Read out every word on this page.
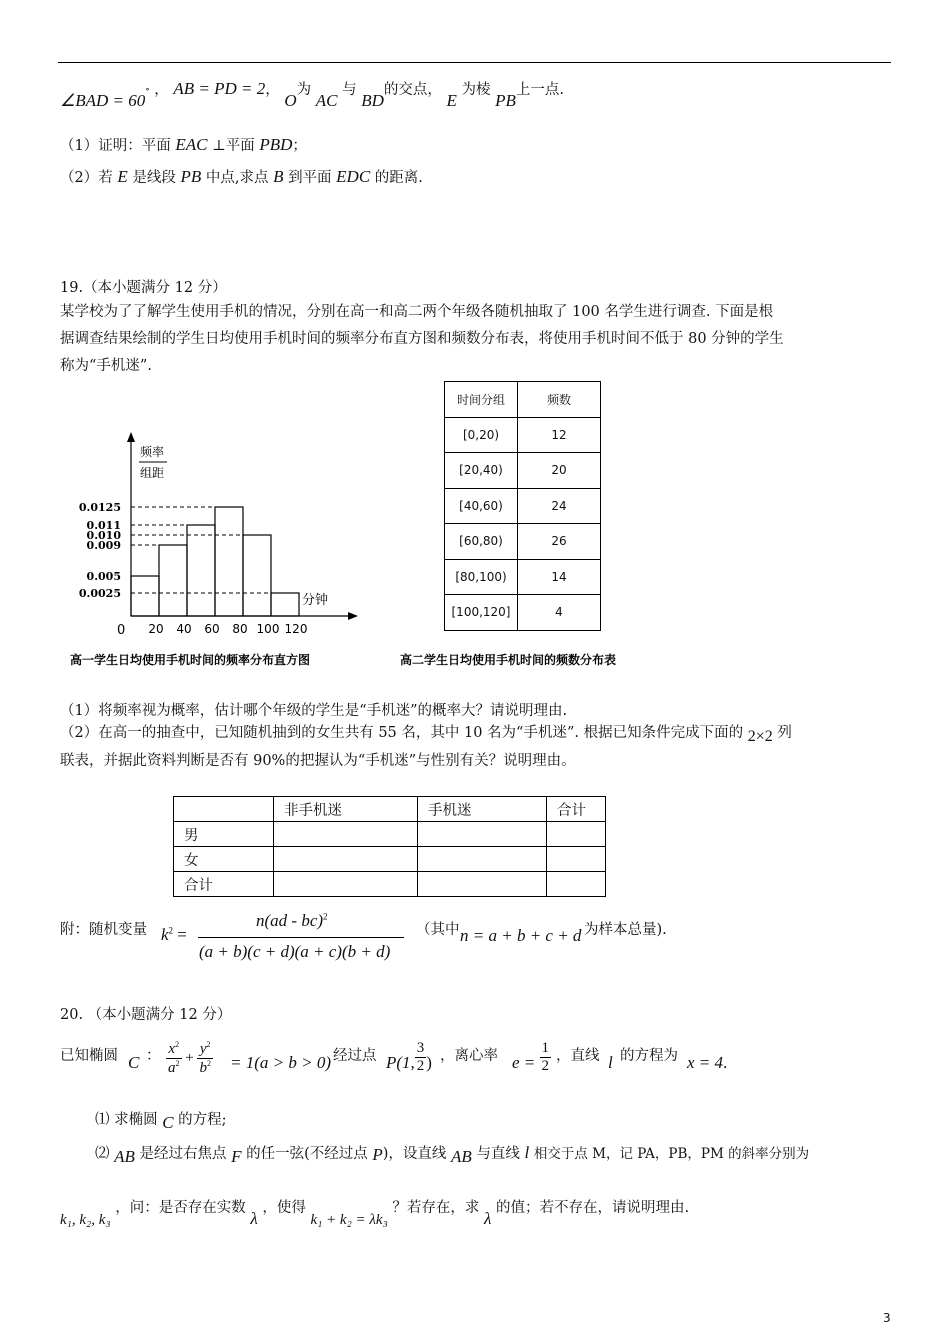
∠BAD = 60∘ ， AB = PD = 2， O为 AC 与 BD的交点， E 为棱 PB上一点.
（1）证明：平面 EAC ⊥平面 PBD；
（2）若 E 是线段 PB 中点,求点 B 到平面 EDC 的距离.
19.（本小题满分 12 分）
某学校为了了解学生使用手机的情况，分别在高一和高二两个年级各随机抽取了 100 名学生进行调查. 下面是根
据调查结果绘制的学生日均使用手机时间的频率分布直方图和频数分布表，将使用手机时间不低于 80 分钟的学生
称为“手机迷”.
0.0125
0.011
0.010
0.009
0.005
0.0025
20 40 60 80 100 120
频率
组距
分钟
0
高一学生日均使用手机时间的频率分布直方图	高二学生日均使用手机时间的频数分布表
时间分组	频数
[0,20)	12
[20,40)	20
[40,60)	24
[60,80)	26
[80,100)	14
[100,120]	4
（1）将频率视为概率，估计哪个年级的学生是“手机迷”的概率大？请说明理由.
（2）在高一的抽查中，已知随机抽到的女生共有 55 名，其中 10 名为“手机迷”. 根据已知条件完成下面的 2×2 列
联表，并据此资料判断是否有 90%的把握认为“手机迷”与性别有关？说明理由。
	非手机迷	手机迷	合计
男			
女			
合计			
附：随机变量 $k^2$ =
n(ad - bc)$^2$
(a + b)(c + d)(a + c)(b + d)
（其中 n = a + b + c + d 为样本总量).
20. （本小题满分 12 分）
已知椭圆 C ： $\frac{x^2}{a^2} + \frac{y^2}{b^2} = 1(a > b > 0)$ 经过点 P(1, $\frac{3}{2}$ ) ，离心率 $e = \frac{1}{2}$ ，直线 l 的方程为 x = 4.
⑴ 求椭圆 C 的方程;
⑵ AB 是经过右焦点 F 的任一弦(不经过点 P)，设直线 AB 与直线 l 相交于点 M，记 PA，PB，PM 的斜率分别为
k₁, k₂, k₃ ，问：是否存在实数 λ ，使得 k₁ + k₂ = λk₃ ？若存在，求 λ 的值；若不存在，请说明理由.
3
